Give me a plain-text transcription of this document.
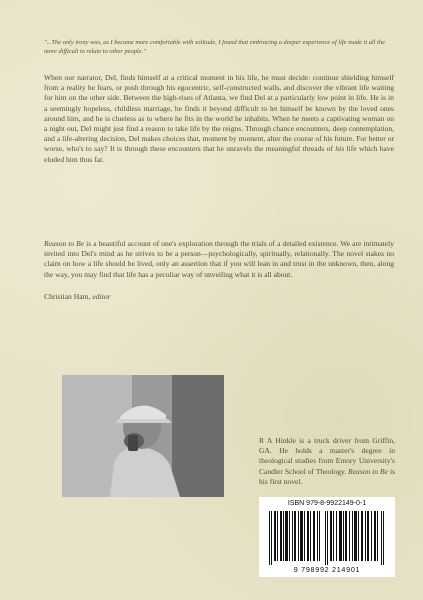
"...The only irony was, as I became more comfortable with solitude, I found that embracing a deeper experience of life made it all the more difficult to relate to other people."
When our narrator, Del, finds himself at a critical moment in his life, he must decide: continue shielding himself from a reality he fears, or push through his egocentric, self-constructed walls, and discover the vibrant life waiting for him on the other side. Between the high-rises of Atlanta, we find Del at a particularly low point in life. He is in a seemingly hopeless, childless marriage, he finds it beyond difficult to let himself be known by the loved ones around him, and he is clueless as to where he fits in the world he inhabits. When he meets a captivating woman on a night out, Del might just find a reason to take life by the reigns. Through chance encounters, deep contemplation, and a life-altering decision, Del makes choices that, moment by moment, alter the course of his future. For better or worse, who's to say? It is through these encounters that he unravels the meaningful threads of his life which have eluded him thus far.
Reason to Be is a beautiful account of one's exploration through the trials of a detailed existence. We are intimately invited into Del's mind as he strives to be a person—psychologically, spiritually, relationally. The novel stakes no claim on how a life should be lived, only an assertion that if you will lean in and trust in the unknown, then, along the way, you may find that life has a peculiar way of unveiling what it is all about.
Christian Ham, editor
R A Hinkle is a truck driver from Griffin, GA. He holds a master's degree in theological studies from Emory University's Candler School of Theology. Reason to Be is his first novel.
ISBN 979-8-9922149-0-1
9 798992 214901
